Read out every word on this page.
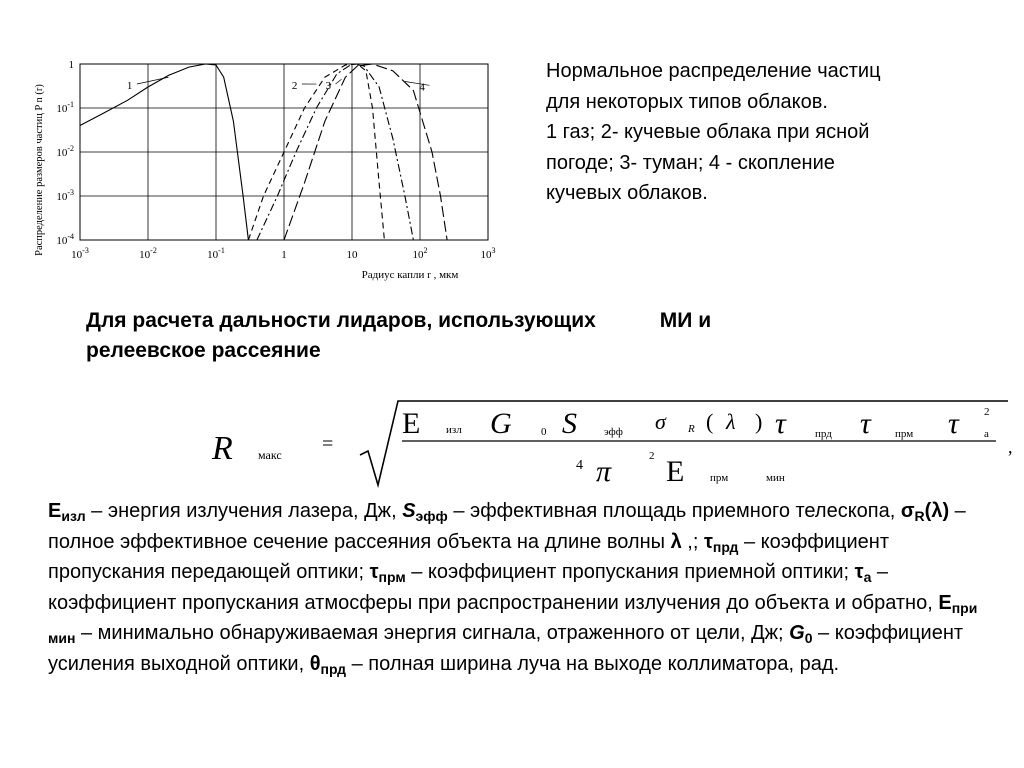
Распределение размеров частиц P n (r)
1
$10^{-1}$
$10^{-2}$
$10^{-3}$
$10^{-4}$
$10^{-3}$	$10^{-2}$	$10^{-1}$	1	10	$10^2$	$10^3$
1	2	3	4
Радиус капли r , мкм
Нормальное распределение частиц
для некоторых типов облаков.
1 газ; 2- кучевые облака при ясной
погоде; 3- туман; 4 - скопление
кучевых облаков.
Для расчета дальности лидаров, использующих	МИ и
релеевское рассеяние
R макс =
E изл G	0 S эфф σ R ( λ ) τ	прд τ прм τ 2
а
4 π	2 E прм	мин
,
$E_{изл}$ – энергия излучения лазера, Дж, $S_{эфф}$ – эффективная площадь приемного телескопа, $\sigma_R(\lambda)$ – полное эффективное сечение рассеяния объекта на длине волны λ ,; $\tau_{прд}$ – коэффициент пропускания передающей оптики; $\tau_{прм}$ – коэффициент пропускания приемной оптики; $\tau_а$ – коэффициент пропускания атмосферы при распространении излучения до объекта и обратно, $E_{при мин}$ – минимально обнаруживаемая энергия сигнала, отраженного от цели, Дж; $G_0$ – коэффициент усиления выходной оптики, $\theta_{прд}$ – полная ширина луча на выходе коллиматора, рад.
